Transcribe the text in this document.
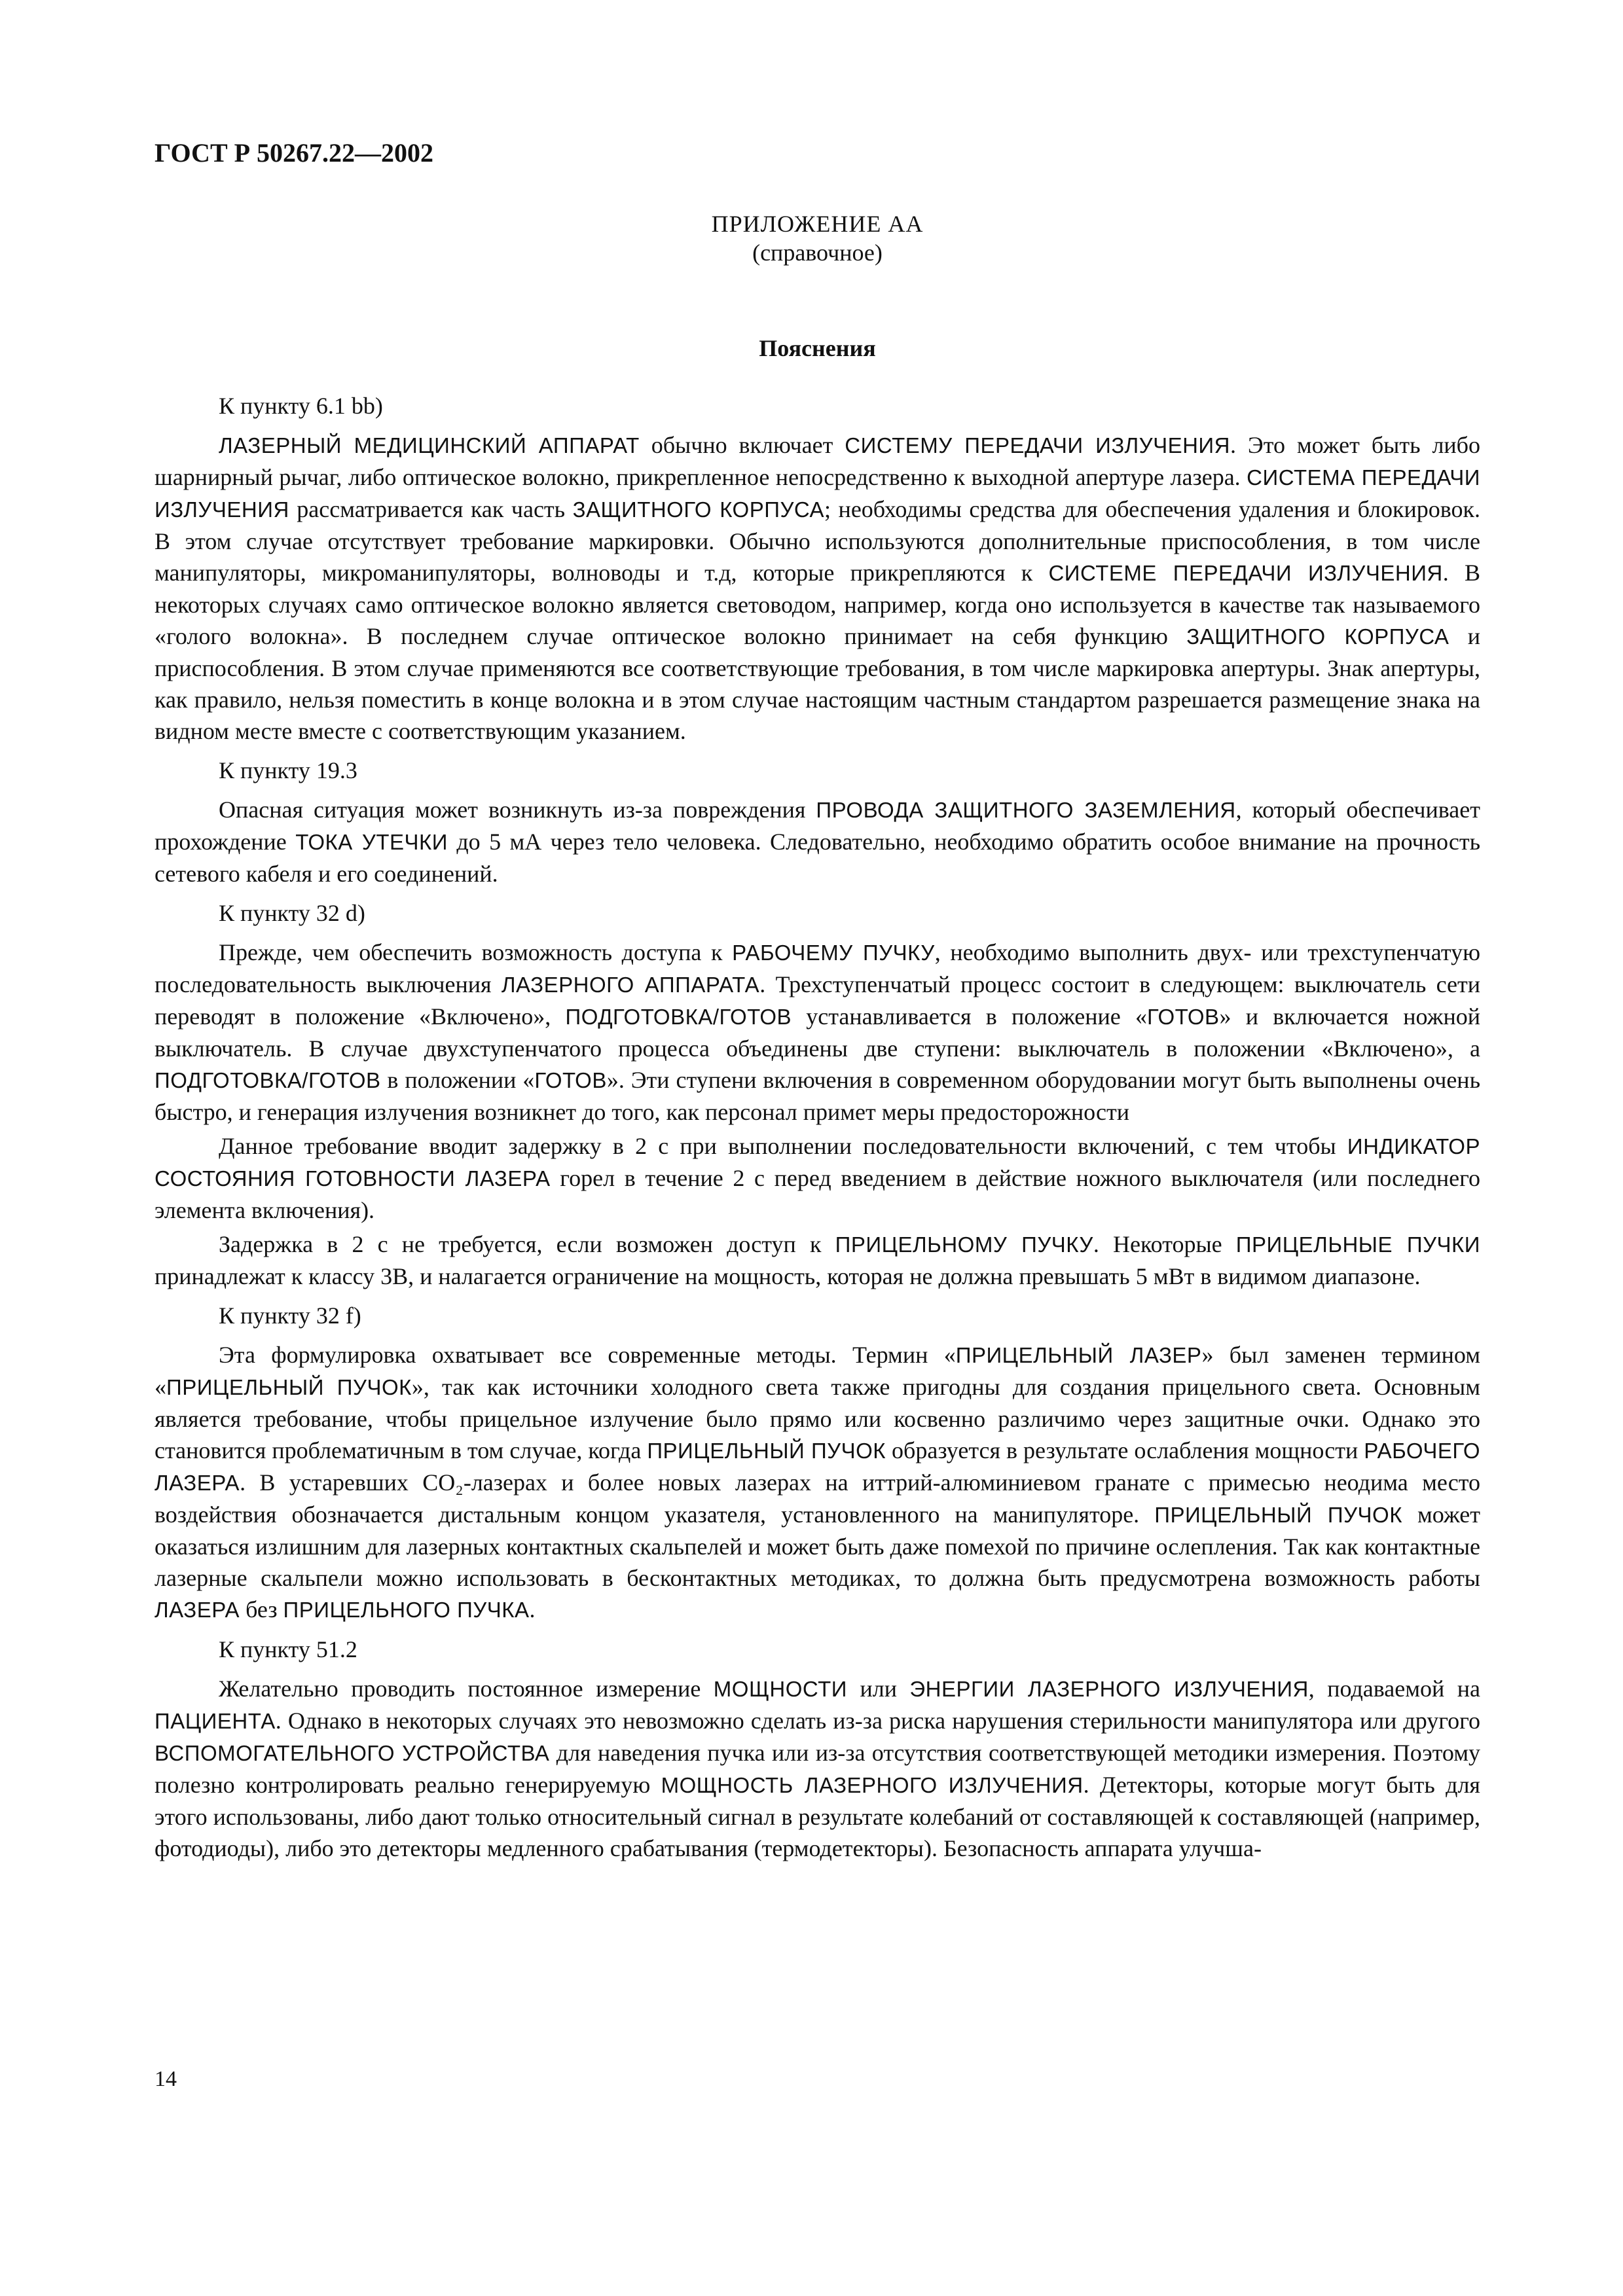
ГОСТ Р 50267.22—2002
ПРИЛОЖЕНИЕ АА
(справочное)
Пояснения
К пункту 6.1 bb)

ЛАЗЕРНЫЙ МЕДИЦИНСКИЙ АППАРАТ обычно включает СИСТЕМУ ПЕРЕДАЧИ ИЗЛУЧЕНИЯ. Это может быть либо шарнирный рычаг, либо оптическое волокно, прикрепленное непосредственно к выходной апертуре лазера. СИСТЕМА ПЕРЕДАЧИ ИЗЛУЧЕНИЯ рассматривается как часть ЗАЩИТНОГО КОРПУСА; необходимы средства для обеспечения удаления и блокировок. В этом случае отсутствует требование маркировки. Обычно используются дополнительные приспособления, в том числе манипуляторы, микроманипуляторы, волноводы и т.д, которые прикрепляются к СИСТЕМЕ ПЕРЕДАЧИ ИЗЛУЧЕНИЯ. В некоторых случаях само оптическое волокно является световодом, например, когда оно используется в качестве так называемого «голого волокна». В последнем случае оптическое волокно принимает на себя функцию ЗАЩИТНОГО КОРПУСА и приспособления. В этом случае применяются все соответствующие требования, в том числе маркировка апертуры. Знак апертуры, как правило, нельзя поместить в конце волокна и в этом случае настоящим частным стандартом разрешается размещение знака на видном месте вместе с соответствующим указанием.

К пункту 19.3

Опасная ситуация может возникнуть из-за повреждения ПРОВОДА ЗАЩИТНОГО ЗАЗЕМЛЕНИЯ, который обеспечивает прохождение ТОКА УТЕЧКИ до 5 мА через тело человека. Следовательно, необходимо обратить особое внимание на прочность сетевого кабеля и его соединений.

К пункту 32 d)

Прежде, чем обеспечить возможность доступа к РАБОЧЕМУ ПУЧКУ, необходимо выполнить двух- или трехступенчатую последовательность выключения ЛАЗЕРНОГО АППАРАТА. Трехступенчатый процесс состоит в следующем: выключатель сети переводят в положение «Включено», ПОДГОТОВКА/ГОТОВ устанавливается в положение «ГОТОВ» и включается ножной выключатель. В случае двухступенчатого процесса объединены две ступени: выключатель в положении «Включено», а ПОДГОТОВКА/ГОТОВ в положении «ГОТОВ». Эти ступени включения в современном оборудовании могут быть выполнены очень быстро, и генерация излучения возникнет до того, как персонал примет меры предосторожности

Данное требование вводит задержку в 2 с при выполнении последовательности включений, с тем чтобы ИНДИКАТОР СОСТОЯНИЯ ГОТОВНОСТИ ЛАЗЕРА горел в течение 2 с перед введением в действие ножного выключателя (или последнего элемента включения).

Задержка в 2 с не требуется, если возможен доступ к ПРИЦЕЛЬНОМУ ПУЧКУ. Некоторые ПРИЦЕЛЬНЫЕ ПУЧКИ принадлежат к классу 3В, и налагается ограничение на мощность, которая не должна превышать 5 мВт в видимом диапазоне.

К пункту 32 f)

Эта формулировка охватывает все современные методы. Термин «ПРИЦЕЛЬНЫЙ ЛАЗЕР» был заменен термином «ПРИЦЕЛЬНЫЙ ПУЧОК», так как источники холодного света также пригодны для создания прицельного света. Основным является требование, чтобы прицельное излучение было прямо или косвенно различимо через защитные очки. Однако это становится проблематичным в том случае, когда ПРИЦЕЛЬНЫЙ ПУЧОК образуется в результате ослабления мощности РАБОЧЕГО ЛАЗЕРА. В устаревших CO₂-лазерах и более новых лазерах на иттрий-алюминиевом гранате с примесью неодима место воздействия обозначается дистальным концом указателя, установленного на манипуляторе. ПРИЦЕЛЬНЫЙ ПУЧОК может оказаться излишним для лазерных контактных скальпелей и может быть даже помехой по причине ослепления. Так как контактные лазерные скальпели можно использовать в бесконтактных методиках, то должна быть предусмотрена возможность работы ЛАЗЕРА без ПРИЦЕЛЬНОГО ПУЧКА.

К пункту 51.2

Желательно проводить постоянное измерение МОЩНОСТИ или ЭНЕРГИИ ЛАЗЕРНОГО ИЗЛУЧЕНИЯ, подаваемой на ПАЦИЕНТА. Однако в некоторых случаях это невозможно сделать из-за риска нарушения стерильности манипулятора или другого ВСПОМОГАТЕЛЬНОГО УСТРОЙСТВА для наведения пучка или из-за отсутствия соответствующей методики измерения. Поэтому полезно контролировать реально генерируемую МОЩНОСТЬ ЛАЗЕРНОГО ИЗЛУЧЕНИЯ. Детекторы, которые могут быть для этого использованы, либо дают только относительный сигнал в результате колебаний от составляющей к составляющей (например, фотодиоды), либо это детекторы медленного срабатывания (термодетекторы). Безопасность аппарата улучша-

14
